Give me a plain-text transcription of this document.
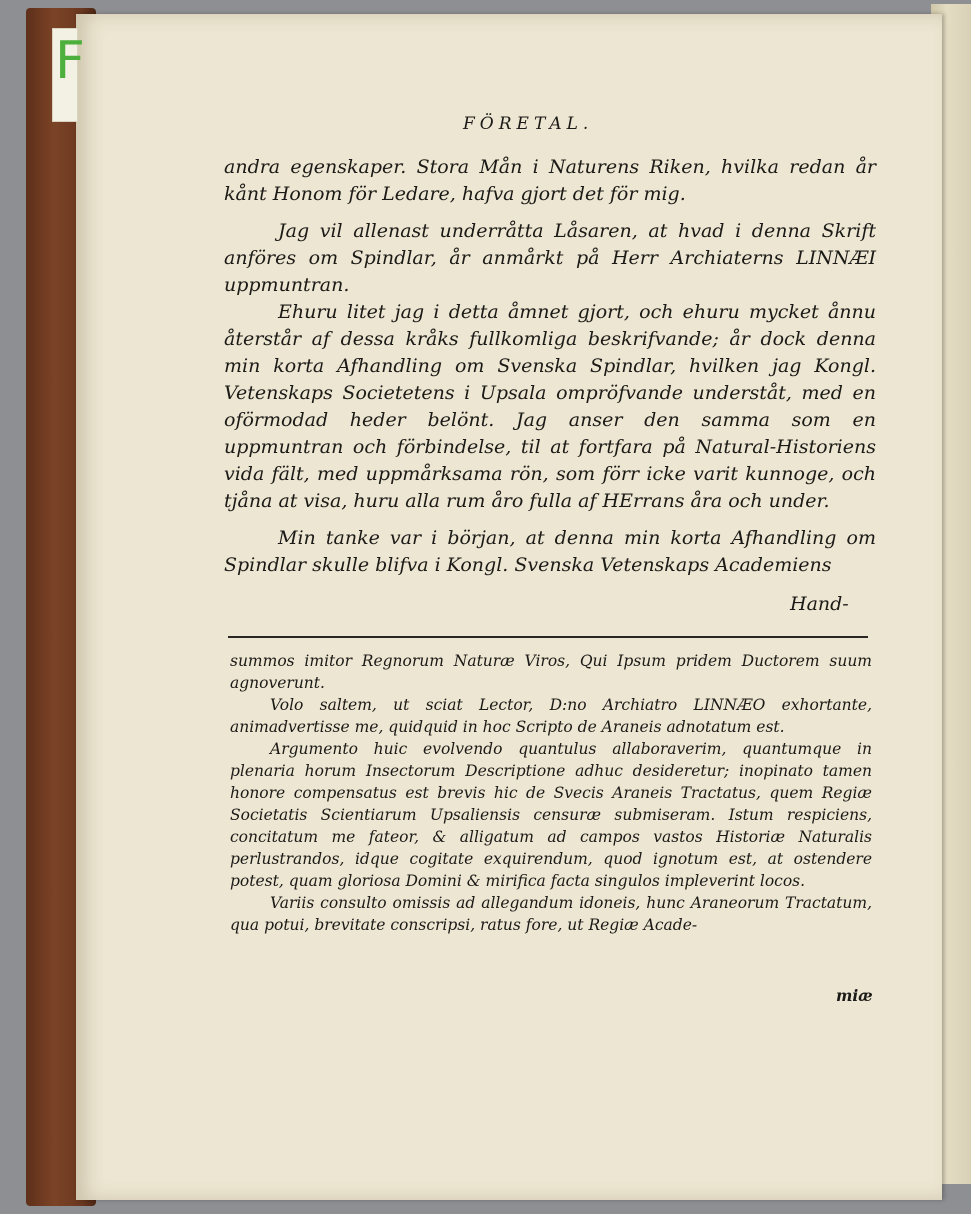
F
FÖRETAL.

andra egenskaper. Stora Mån i Naturens Riken, hvilka redan år kånt Honom för Ledare, hafva gjort det för mig.

Jag vil allenast underråtta Låsaren, at hvad i denna Skrift anföres om Spindlar, år anmårkt på Herr Archiaterns LINNÆI uppmuntran.

Ehuru litet jag i detta åmnet gjort, och ehuru mycket ånnu återstår af dessa kråks fullkomliga beskrifvande; år dock denna min korta Afhandling om Svenska Spindlar, hvilken jag Kongl. Vetenskaps Societetens i Upsala ompröfvande underståt, med en oförmodad heder belönt. Jag anser den samma som en uppmuntran och förbindelse, til at fortfara på Natural-Historiens vida fält, med uppmårksama rön, som förr icke varit kunnoge, och tjåna at visa, huru alla rum åro fulla af HErrans åra och under.

Min tanke var i början, at denna min korta Afhandling om Spindlar skulle blifva i Kongl. Svenska Vetenskaps Academiens

Hand-

summos imitor Regnorum Naturæ Viros, Qui Ipsum pridem Ductorem suum agnoverunt.

Volo saltem, ut sciat Lector, D:no Archiatro LINNÆO exhortante, animadvertisse me, quidquid in hoc Scripto de Araneis adnotatum est.

Argumento huic evolvendo quantulus allaboraverim, quantumque in plenaria horum Insectorum Descriptione adhuc desideretur; inopinato tamen honore compensatus est brevis hic de Svecis Araneis Tractatus, quem Regiæ Societatis Scientiarum Upsaliensis censuræ submiseram. Istum respiciens, concitatum me fateor, & alligatum ad campos vastos Historiæ Naturalis perlustrandos, idque cogitate exquirendum, quod ignotum est, at ostendere potest, quam gloriosa Domini & mirifica facta singulos impleverint locos.

Variis consulto omissis ad allegandum idoneis, hunc Araneorum Tractatum, qua potui, brevitate conscripsi, ratus fore, ut Regiæ Acade-

miæ
